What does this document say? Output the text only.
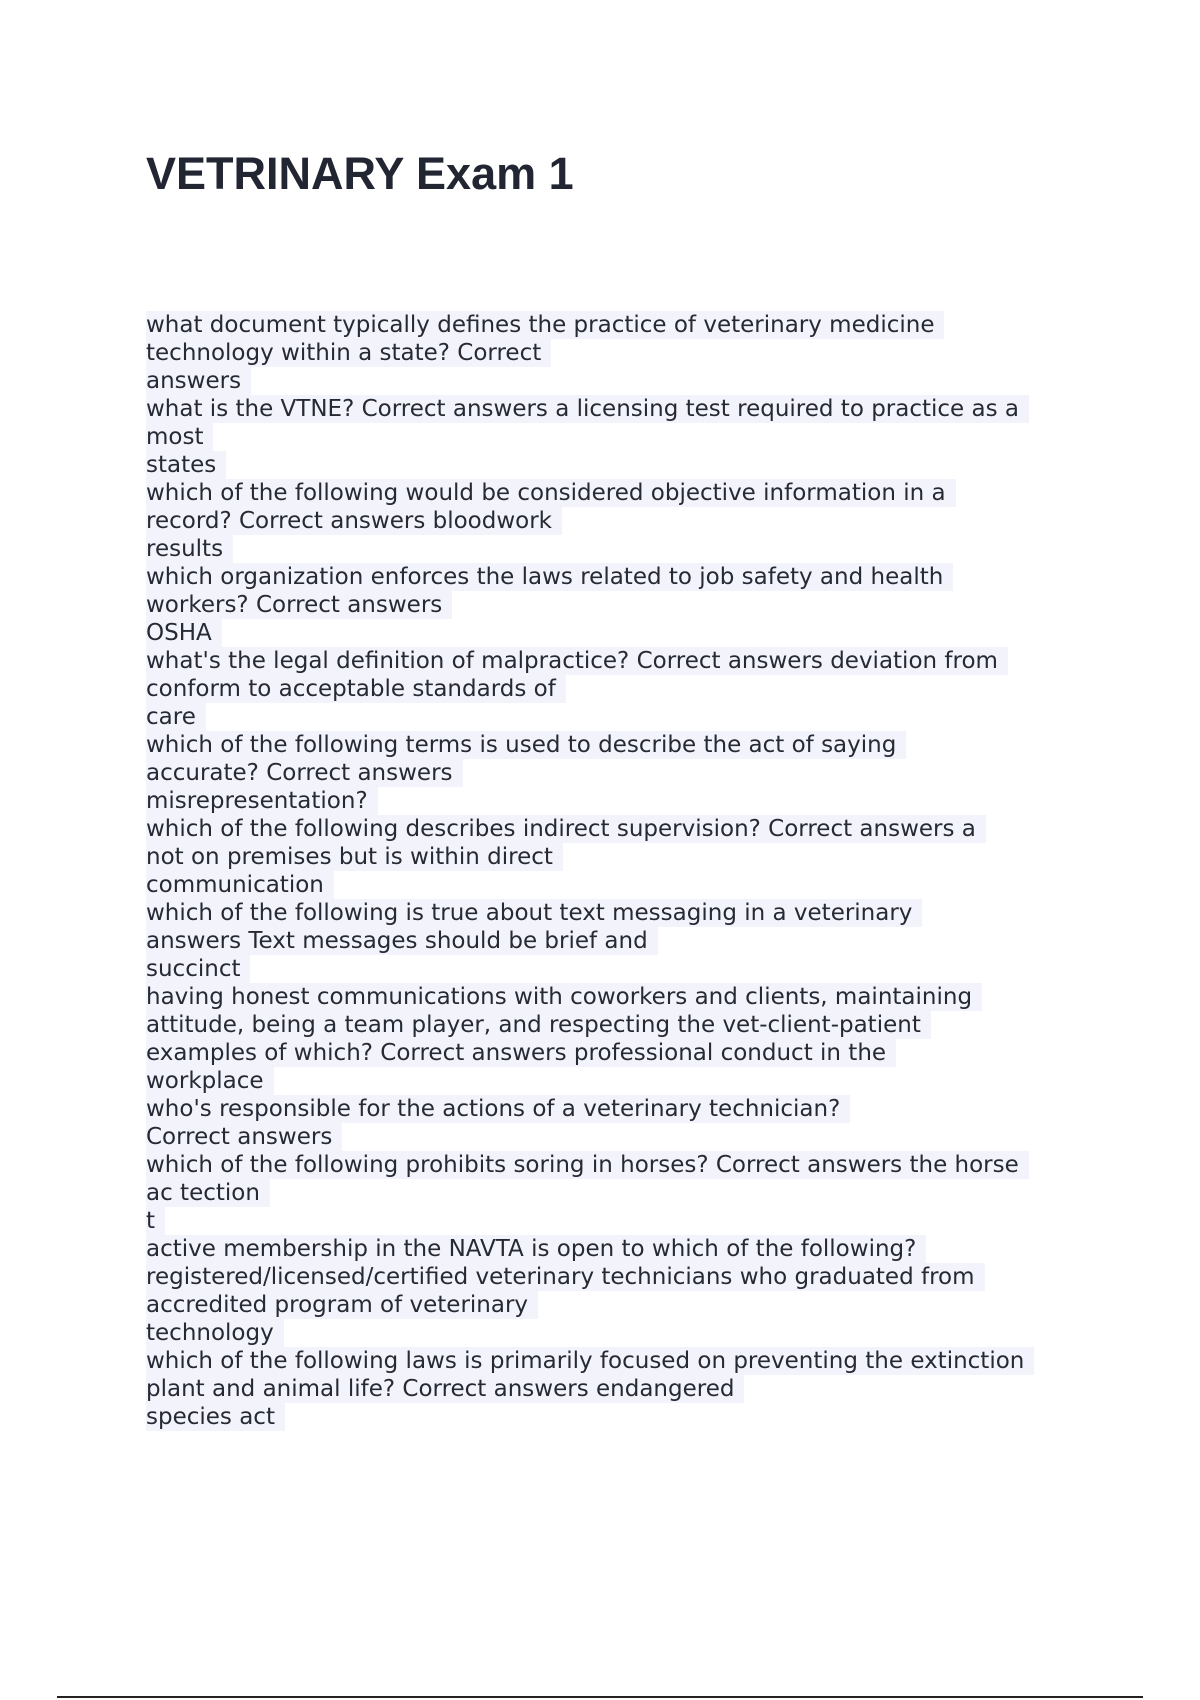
VETRINARY Exam 1
what document typically defines the practice of veterinary medicine
technology within a state? Correct
answers
what is the VTNE? Correct answers a licensing test required to practice as a
most
states
which of the following would be considered objective information in a
record? Correct answers bloodwork
results
which organization enforces the laws related to job safety and health
workers? Correct answers
OSHA
what's the legal definition of malpractice? Correct answers deviation from
conform to acceptable standards of
care
which of the following terms is used to describe the act of saying
accurate? Correct answers
misrepresentation?
which of the following describes indirect supervision? Correct answers a
not on premises but is within direct
communication
which of the following is true about text messaging in a veterinary
answers Text messages should be brief and
succinct
having honest communications with coworkers and clients, maintaining
attitude, being a team player, and respecting the vet-client-patient
examples of which? Correct answers professional conduct in the
workplace
who's responsible for the actions of a veterinary technician?
Correct answers
which of the following prohibits soring in horses? Correct answers the horse
ac tection
t
active membership in the NAVTA is open to which of the following?
registered/licensed/certified veterinary technicians who graduated from
accredited program of veterinary
technology
which of the following laws is primarily focused on preventing the extinction
plant and animal life? Correct answers endangered
species act
